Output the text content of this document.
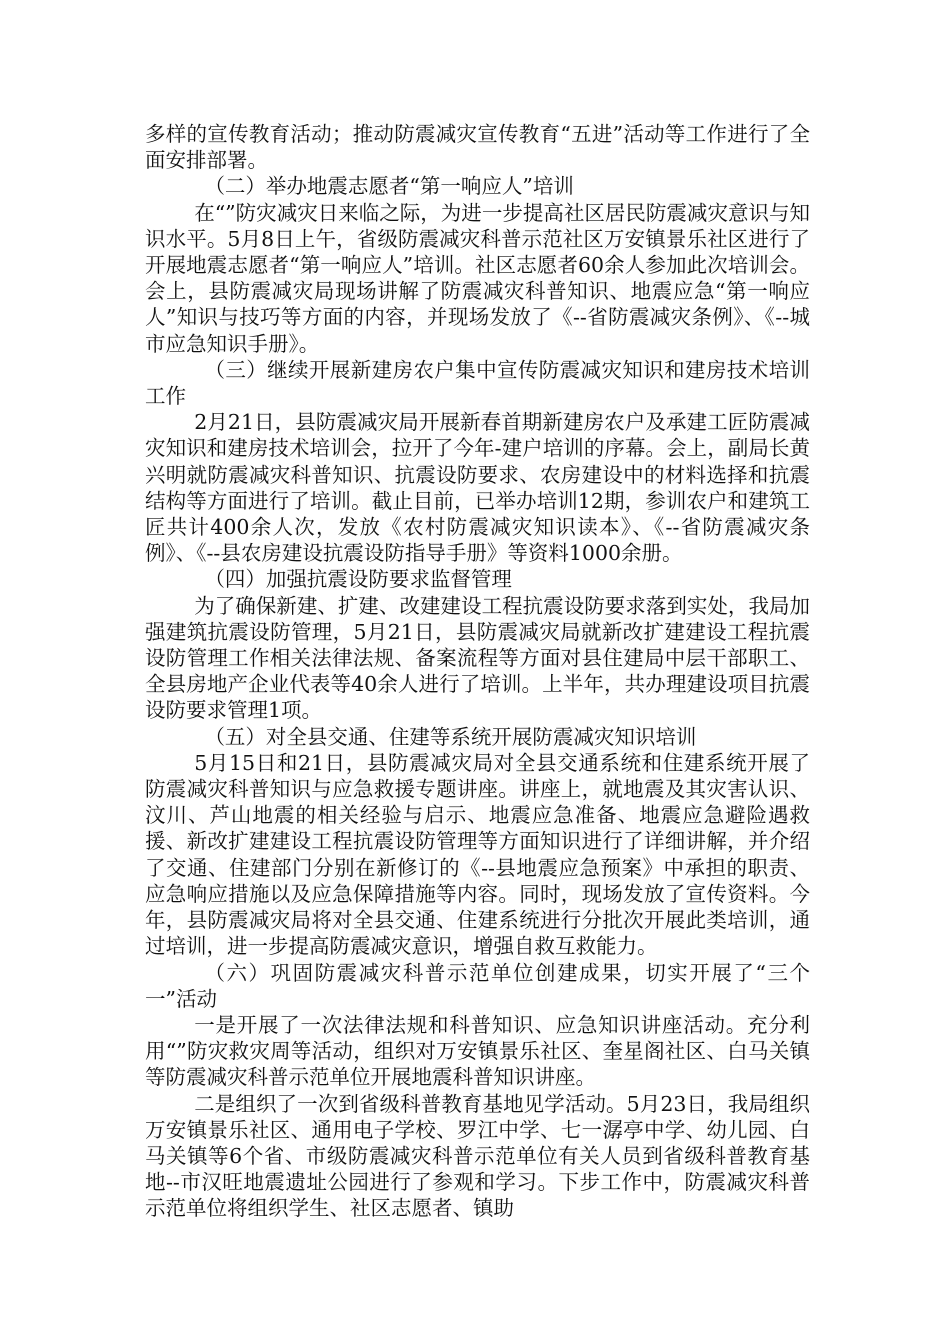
多样的宣传教育活动；推动防震减灾宣传教育“五进”活动等工作进行了全面安排部署。

（二）举办地震志愿者“第一响应人”培训

在“”防灾减灾日来临之际，为进一步提高社区居民防震减灾意识与知识水平。5月8日上午，省级防震减灾科普示范社区万安镇景乐社区进行了开展地震志愿者“第一响应人”培训。社区志愿者60余人参加此次培训会。会上，县防震减灾局现场讲解了防震减灾科普知识、地震应急“第一响应人”知识与技巧等方面的内容，并现场发放了《--省防震减灾条例》、《--城市应急知识手册》。

（三）继续开展新建房农户集中宣传防震减灾知识和建房技术培训工作

2月21日，县防震减灾局开展新春首期新建房农户及承建工匠防震减灾知识和建房技术培训会，拉开了今年-建户培训的序幕。会上，副局长黄兴明就防震减灾科普知识、抗震设防要求、农房建设中的材料选择和抗震结构等方面进行了培训。截止目前，已举办培训12期，参训农户和建筑工匠共计400余人次，发放《农村防震减灾知识读本》、《--省防震减灾条例》、《--县农房建设抗震设防指导手册》等资料1000余册。

（四）加强抗震设防要求监督管理

为了确保新建、扩建、改建建设工程抗震设防要求落到实处，我局加强建筑抗震设防管理，5月21日，县防震减灾局就新改扩建建设工程抗震设防管理工作相关法律法规、备案流程等方面对县住建局中层干部职工、全县房地产企业代表等40余人进行了培训。上半年，共办理建设项目抗震设防要求管理1项。

（五）对全县交通、住建等系统开展防震减灾知识培训

5月15日和21日，县防震减灾局对全县交通系统和住建系统开展了防震减灾科普知识与应急救援专题讲座。讲座上，就地震及其灾害认识、汶川、芦山地震的相关经验与启示、地震应急准备、地震应急避险遇救援、新改扩建建设工程抗震设防管理等方面知识进行了详细讲解，并介绍了交通、住建部门分别在新修订的《--县地震应急预案》中承担的职责、应急响应措施以及应急保障措施等内容。同时，现场发放了宣传资料。今年，县防震减灾局将对全县交通、住建系统进行分批次开展此类培训，通过培训，进一步提高防震减灾意识，增强自救互救能力。

（六）巩固防震减灾科普示范单位创建成果，切实开展了“三个一”活动

一是开展了一次法律法规和科普知识、应急知识讲座活动。充分利用“”防灾救灾周等活动，组织对万安镇景乐社区、奎星阁社区、白马关镇等防震减灾科普示范单位开展地震科普知识讲座。

二是组织了一次到省级科普教育基地见学活动。5月23日，我局组织万安镇景乐社区、通用电子学校、罗江中学、七一潺亭中学、幼儿园、白马关镇等6个省、市级防震减灾科普示范单位有关人员到省级科普教育基地--市汉旺地震遗址公园进行了参观和学习。下步工作中，防震减灾科普示范单位将组织学生、社区志愿者、镇助
